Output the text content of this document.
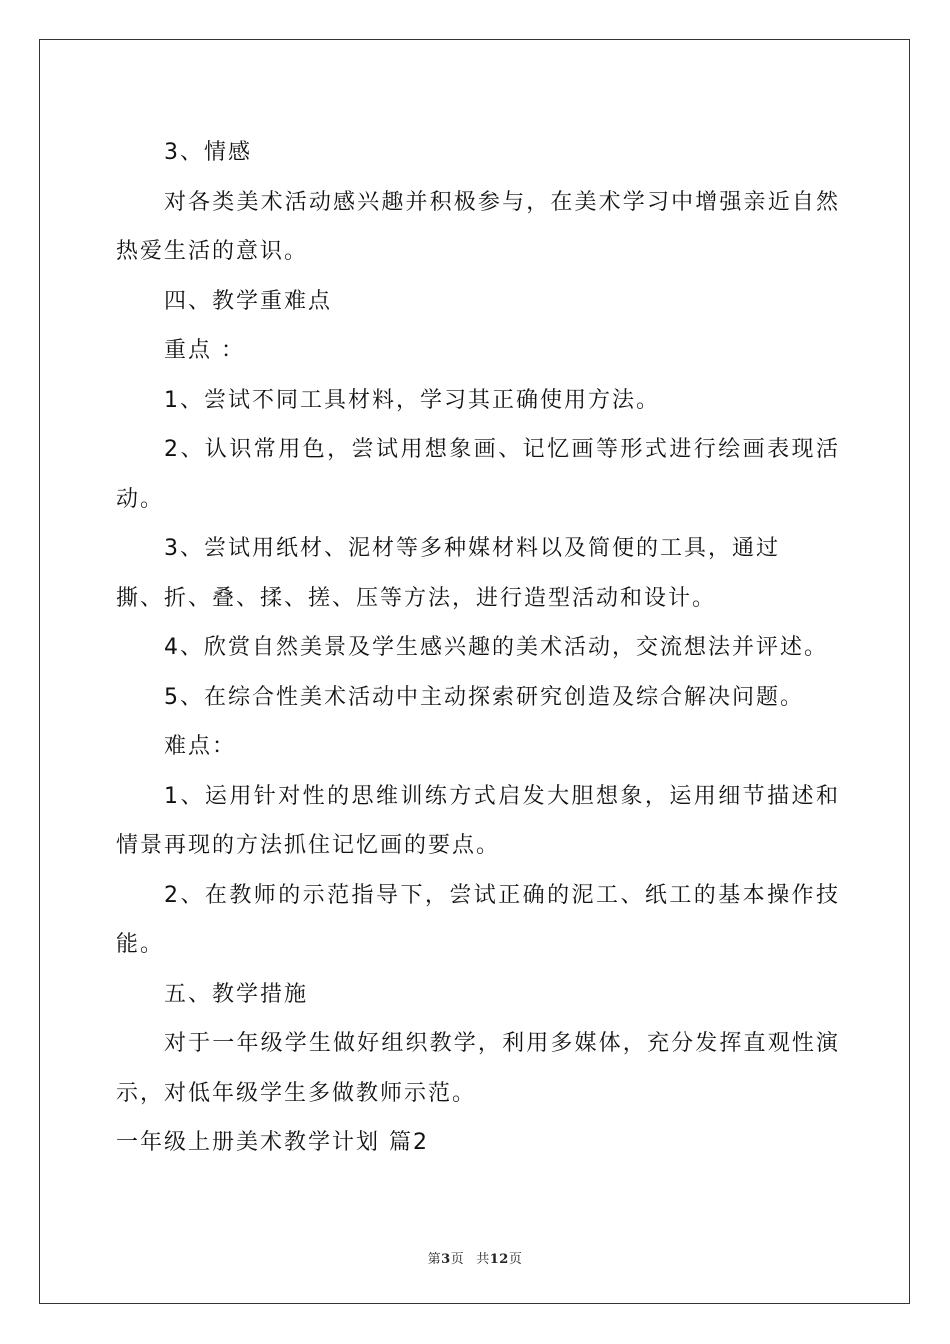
3、情感

对各类美术活动感兴趣并积极参与，在美术学习中增强亲近自然热爱生活的意识。

四、教学重难点

重点 ：

1、尝试不同工具材料，学习其正确使用方法。

2、认识常用色，尝试用想象画、记忆画等形式进行绘画表现活动。

3、尝试用纸材、泥材等多种媒材料以及简便的工具，通过

撕、折、叠、揉、搓、压等方法，进行造型活动和设计。

4、欣赏自然美景及学生感兴趣的美术活动，交流想法并评述。

5、在综合性美术活动中主动探索研究创造及综合解决问题。

难点：

1、运用针对性的思维训练方式启发大胆想象，运用细节描述和情景再现的方法抓住记忆画的要点。

2、在教师的示范指导下，尝试正确的泥工、纸工的基本操作技能。

五、教学措施

对于一年级学生做好组织教学，利用多媒体，充分发挥直观性演示，对低年级学生多做教师示范。

一年级上册美术教学计划 篇2

第3页 共12页
